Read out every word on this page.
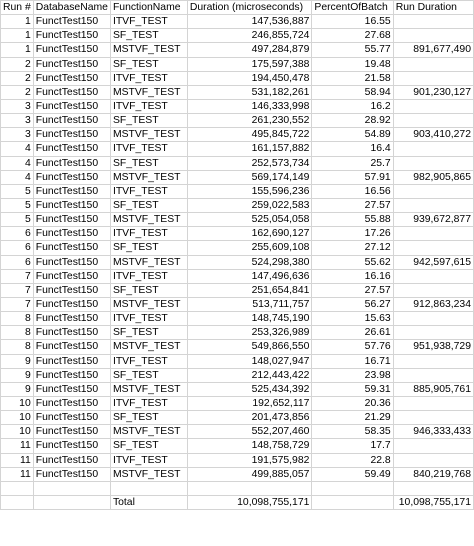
Run #	DatabaseName	FunctionName	Duration (microseconds)	PercentOfBatch	Run Duration
1	FunctTest150	ITVF_TEST	147,536,887	16.55	
1	FunctTest150	SF_TEST	246,855,724	27.68	
1	FunctTest150	MSTVF_TEST	497,284,879	55.77	891,677,490
2	FunctTest150	SF_TEST	175,597,388	19.48	
2	FunctTest150	ITVF_TEST	194,450,478	21.58	
2	FunctTest150	MSTVF_TEST	531,182,261	58.94	901,230,127
3	FunctTest150	ITVF_TEST	146,333,998	16.2	
3	FunctTest150	SF_TEST	261,230,552	28.92	
3	FunctTest150	MSTVF_TEST	495,845,722	54.89	903,410,272
4	FunctTest150	ITVF_TEST	161,157,882	16.4	
4	FunctTest150	SF_TEST	252,573,734	25.7	
4	FunctTest150	MSTVF_TEST	569,174,149	57.91	982,905,865
5	FunctTest150	ITVF_TEST	155,596,236	16.56	
5	FunctTest150	SF_TEST	259,022,583	27.57	
5	FunctTest150	MSTVF_TEST	525,054,058	55.88	939,672,877
6	FunctTest150	ITVF_TEST	162,690,127	17.26	
6	FunctTest150	SF_TEST	255,609,108	27.12	
6	FunctTest150	MSTVF_TEST	524,298,380	55.62	942,597,615
7	FunctTest150	ITVF_TEST	147,496,636	16.16	
7	FunctTest150	SF_TEST	251,654,841	27.57	
7	FunctTest150	MSTVF_TEST	513,711,757	56.27	912,863,234
8	FunctTest150	ITVF_TEST	148,745,190	15.63	
8	FunctTest150	SF_TEST	253,326,989	26.61	
8	FunctTest150	MSTVF_TEST	549,866,550	57.76	951,938,729
9	FunctTest150	ITVF_TEST	148,027,947	16.71	
9	FunctTest150	SF_TEST	212,443,422	23.98	
9	FunctTest150	MSTVF_TEST	525,434,392	59.31	885,905,761
10	FunctTest150	ITVF_TEST	192,652,117	20.36	
10	FunctTest150	SF_TEST	201,473,856	21.29	
10	FunctTest150	MSTVF_TEST	552,207,460	58.35	946,333,433
11	FunctTest150	SF_TEST	148,758,729	17.7	
11	FunctTest150	ITVF_TEST	191,575,982	22.8	
11	FunctTest150	MSTVF_TEST	499,885,057	59.49	840,219,768

		Total	10,098,755,171		10,098,755,171
